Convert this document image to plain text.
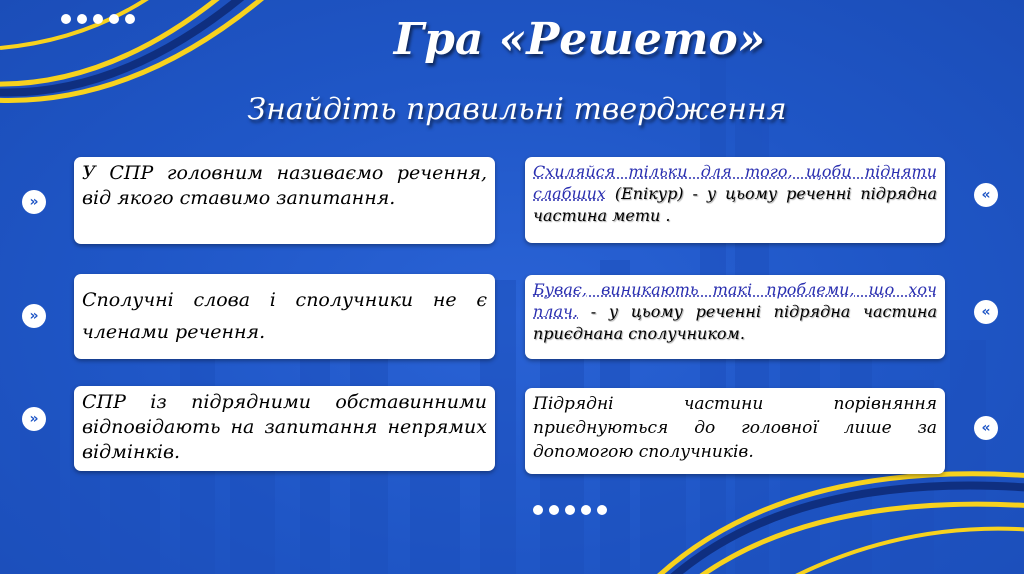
Гра «Решето»
Знайдіть правильні твердження
»
У СПР головним називаємо речення, від якого ставимо запитання.
»
Сполучні слова і сполучники не є членами речення.
»
СПР із підрядними обставинними відповідають на запитання непрямих відмінків.
Схиляйся тільки для того, щоби підняти слабших (Епікур) - у цьому реченні підрядна частина мети .
«
Буває, виникають такі проблеми, що хоч плач. - у цьому реченні підрядна частина приєднана сполучником.
«
Підрядні частини порівняння приєднуються до головної лише за допомогою сполучників.
«
